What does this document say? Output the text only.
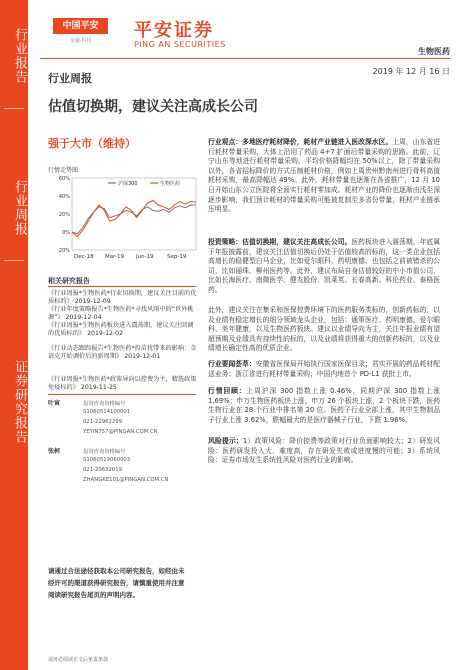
行业报告
行业周报
证券研究报告
中国平安
金融·科技	平安证券
PING AN SECURITIES
生物医药
行业周报
2019 年 12 月 16 日
估值切换期，建议关注高成长公司
强于大市（维持）
行情走势图
60%
40%
20%
0%
-20%
Dec-18 Mar-19 Jun-19 Sep-19
沪深300	生物医药
相关研究报告
《行业周报*生物医药*行业切换期，建议关注目前的优质标的》 2019-12-09
《行业年度策略报告*生物医药*寻找风雨中的“世外桃源”》 2019-12-04
《行业周报*生物医药板块进入震荡期，建议关注回调的优质标的》 2019-12-02
《行业动态跟踪报告*生物医药*投苗扰带来的影响：金谙克开始调价后的新周期》 2019-12-01
《行业周报*生物医药*政策导向以控费为主，精选政策免疫标的》 2019-11-25
叶寅	投资咨询资格编号
S1060514100001
021-22962299
YEYIN757@PINGAN.COM.CN
张柯	投资咨询资格编号
S1060519060003
021-20632019
ZHANGKE101@PINGAN.COM.CN
请通过合法途径获取本公司研究报告，如经由未经许可的渠道获得研究报告，请慎重使用并注意阅读研究报告尾页的声明内容。
行业观点：多地医疗耗材降价，耗材产业链进入医改深水区。上周，山东省进行耗材带量采购，大体上沿用了药品 4+7 扩面后带量采购的思路。此前，辽宁山东等地进行耗材带量采购，平均价格降幅均在 50%以上，除了带量采购以外，各省招标降价的方式压制耗材价格，例如上周贵州黔南州进行骨科高值耗材采购，最高降幅达 49%。此外，耗材带量也逐渐在各省推广，12 月 10 日开始山东公立医院将全面实行耗材零加成。耗材产业的降价也逐渐由浅至深逐步影响，我们预计耗材的带量采购可能被复制至多省份带量，耗材产业链承压明显。
投资策略：估值切换期，建议关注高成长公司。医药板块进入震荡期，年底属于年报披露前，建议关注估值切换后仍处于估值较高的标的，这一类企业包括高增长的稳健型白马企业，比如爱尔眼科、药明康德、也包括之前被错杀的公司，比如丽珠、柳州医药等。此外，建议布局自身估值较好的中小市值公司，比如长海医疗、南微医学、健友股份、凯莱英、长春高新、科伦药业、泰格医药。
此外，建议关注在集采和医保控费环境下的医药服务类标的，创新药标的，以及业绩有稳定增长的细分领域龙头企业，包括：通策医疗、药明康德、爱尔眼科、美年健康，以及生物医药板块。建议以业绩导向为主，关注年报业绩有望超预期及业绩具有持续性的标的，以及业绩将获得重大的创新药标的，以及业绩增长确定性高的优质企业。
行业要闻荟萃：安徽省医保局开始执行国家医保目录；君实开展的药品耗材配送业务；浙江省进行耗材带量采购；中国内地首个 PD-L1 获批上市。
行情回顾：上周沪深 300 指数上涨 0.46%，同期沪深 300 指数上涨 1.69%；申万生物医药板块上涨，申万 26 个板块上涨，2 个板块下跌，医药生物行业在 28 个行业中排名第 20 位。医药子行业全部上涨，其中生物制品子行业上涨 3.62%，跌幅最大的是医疗器械子行业，下跌 1.96%。
风险提示：1）政策风险：降价控费等政策对行业负面影响较大；2）研发风险：医药研发投入大、难度高，存在研发失败或进度慢的可能；3）系统风险：证券市场发生系统性风险对医药行业的影响。
请务必阅读正文后免责条款
